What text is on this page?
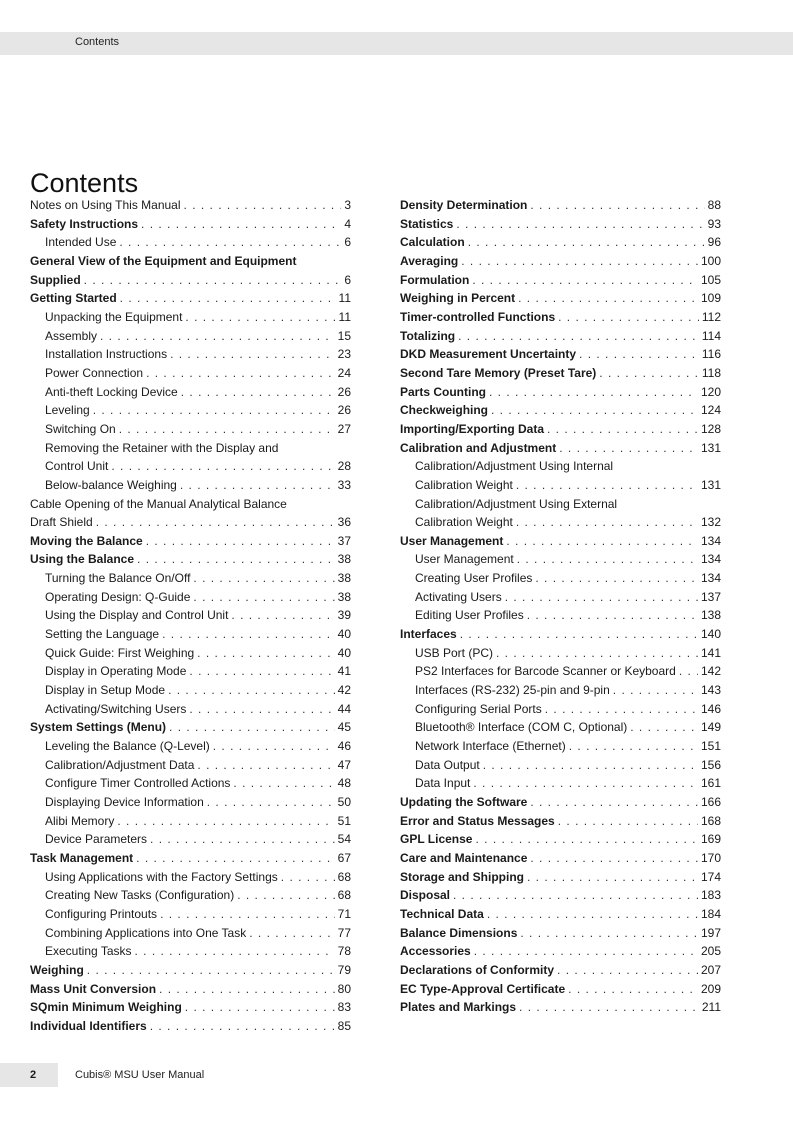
Contents
Contents
Notes on Using This Manual . . .	3
Safety Instructions . . .	4
Intended Use . . .	6
General View of the Equipment and Equipment
Supplied . . .	6
Getting Started . . .	11
Unpacking the Equipment . . .	11
Assembly . . .	15
Installation Instructions . . .	23
Power Connection . . .	24
Anti-theft Locking Device . . .	26
Leveling . . .	26
Switching On . . .	27
Removing the Retainer with the Display and
Control Unit . . .	28
Below-balance Weighing . . .	33
Cable Opening of the Manual Analytical Balance
Draft Shield . . .	36
Moving the Balance . . .	37
Using the Balance . . .	38
Turning the Balance On/Off . . .	38
Operating Design: Q-Guide . . .	38
Using the Display and Control Unit . . .	39
Setting the Language . . .	40
Quick Guide: First Weighing . . .	40
Display in Operating Mode . . .	41
Display in Setup Mode . . .	42
Activating/Switching Users . . .	44
System Settings (Menu) . . .	45
Leveling the Balance (Q-Level) . . .	46
Calibration/Adjustment Data . . .	47
Configure Timer Controlled Actions . . .	48
Displaying Device Information . . .	50
Alibi Memory . . .	51
Device Parameters . . .	54
Task Management . . .	67
Using Applications with the Factory Settings . . .	68
Creating New Tasks (Configuration) . . .	68
Configuring Printouts . . .	71
Combining Applications into One Task . . .	77
Executing Tasks . . .	78
Weighing . . .	79
Mass Unit Conversion . . .	80
SQmin Minimum Weighing . . .	83
Individual Identifiers . . .	85
Density Determination . . .	88
Statistics . . .	93
Calculation . . .	96
Averaging . . .	100
Formulation . . .	105
Weighing in Percent . . .	109
Timer-controlled Functions . . .	112
Totalizing . . .	114
DKD Measurement Uncertainty . . .	116
Second Tare Memory (Preset Tare) . . .	118
Parts Counting . . .	120
Checkweighing . . .	124
Importing/Exporting Data . . .	128
Calibration and Adjustment . . .	131
Calibration/Adjustment Using Internal
Calibration Weight . . .	131
Calibration/Adjustment Using External
Calibration Weight . . .	132
User Management . . .	134
User Management . . .	134
Creating User Profiles . . .	134
Activating Users . . .	137
Editing User Profiles . . .	138
Interfaces . . .	140
USB Port (PC) . . .	141
PS2 Interfaces for Barcode Scanner or Keyboard . . . 142
Interfaces (RS-232) 25-pin and 9-pin . . .	143
Configuring Serial Ports . . .	146
Bluetooth® Interface (COM C, Optional) . . .	149
Network Interface (Ethernet) . . .	151
Data Output . . .	156
Data Input . . .	161
Updating the Software . . .	166
Error and Status Messages . . .	168
GPL License . . .	169
Care and Maintenance . . .	170
Storage and Shipping . . .	174
Disposal . . .	183
Technical Data . . .	184
Balance Dimensions . . .	197
Accessories . . .	205
Declarations of Conformity . . .	207
EC Type-Approval Certificate . . .	209
Plates and Markings . . .	211
2	Cubis® MSU User Manual
